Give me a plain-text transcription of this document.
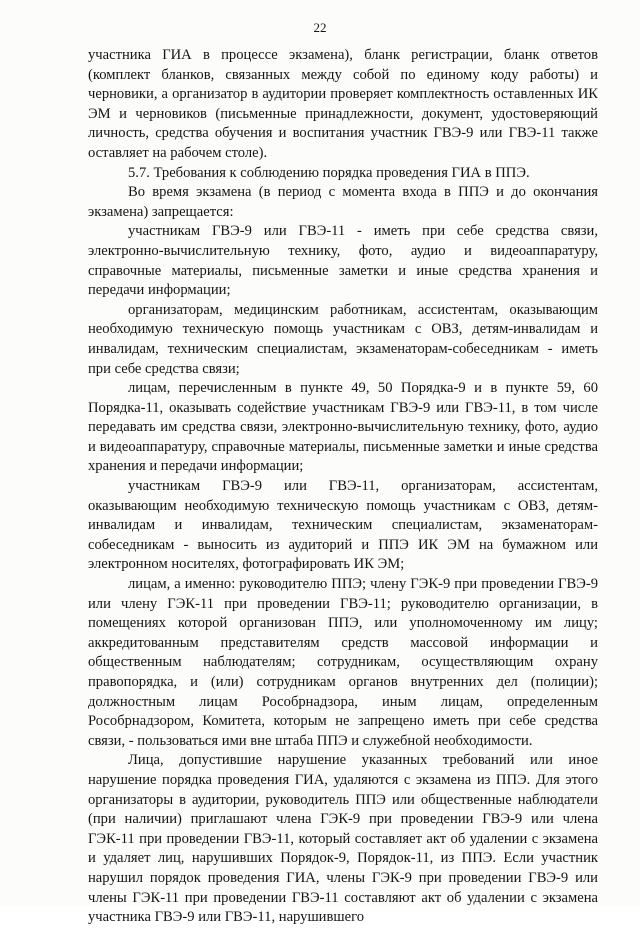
22

участника ГИА в процессе экзамена), бланк регистрации, бланк ответов (комплект бланков, связанных между собой по единому коду работы) и черновики, а организатор в аудитории проверяет комплектность оставленных ИК ЭМ и черновиков (письменные принадлежности, документ, удостоверяющий личность, средства обучения и воспитания участник ГВЭ-9 или ГВЭ-11 также оставляет на рабочем столе).

5.7. Требования к соблюдению порядка проведения ГИА в ППЭ.

Во время экзамена (в период с момента входа в ППЭ и до окончания экзамена) запрещается:

участникам ГВЭ-9 или ГВЭ-11 - иметь при себе средства связи, электронно-вычислительную технику, фото, аудио и видеоаппаратуру, справочные материалы, письменные заметки и иные средства хранения и передачи информации;

организаторам, медицинским работникам, ассистентам, оказывающим необходимую техническую помощь участникам с ОВЗ, детям-инвалидам и инвалидам, техническим специалистам, экзаменаторам-собеседникам - иметь при себе средства связи;

лицам, перечисленным в пункте 49, 50 Порядка-9 и в пункте 59, 60 Порядка-11, оказывать содействие участникам ГВЭ-9 или ГВЭ-11, в том числе передавать им средства связи, электронно-вычислительную технику, фото, аудио и видеоаппаратуру, справочные материалы, письменные заметки и иные средства хранения и передачи информации;

участникам ГВЭ-9 или ГВЭ-11, организаторам, ассистентам, оказывающим необходимую техническую помощь участникам с ОВЗ, детям-инвалидам и инвалидам, техническим специалистам, экзаменаторам-собеседникам - выносить из аудиторий и ППЭ ИК ЭМ на бумажном или электронном носителях, фотографировать ИК ЭМ;

лицам, а именно: руководителю ППЭ; члену ГЭК-9 при проведении ГВЭ-9 или члену ГЭК-11 при проведении ГВЭ-11; руководителю организации, в помещениях которой организован ППЭ, или уполномоченному им лицу; аккредитованным представителям средств массовой информации и общественным наблюдателям; сотрудникам, осуществляющим охрану правопорядка, и (или) сотрудникам органов внутренних дел (полиции); должностным лицам Рособрнадзора, иным лицам, определенным Рособрнадзором, Комитета, которым не запрещено иметь при себе средства связи, - пользоваться ими вне штаба ППЭ и служебной необходимости.

Лица, допустившие нарушение указанных требований или иное нарушение порядка проведения ГИА, удаляются с экзамена из ППЭ. Для этого организаторы в аудитории, руководитель ППЭ или общественные наблюдатели (при наличии) приглашают члена ГЭК-9 при проведении ГВЭ-9 или члена ГЭК-11 при проведении ГВЭ-11, который составляет акт об удалении с экзамена и удаляет лиц, нарушивших Порядок-9, Порядок-11, из ППЭ. Если участник нарушил порядок проведения ГИА, члены ГЭК-9 при проведении ГВЭ-9 или члены ГЭК-11 при проведении ГВЭ-11 составляют акт об удалении с экзамена участника ГВЭ-9 или ГВЭ-11, нарушившего
